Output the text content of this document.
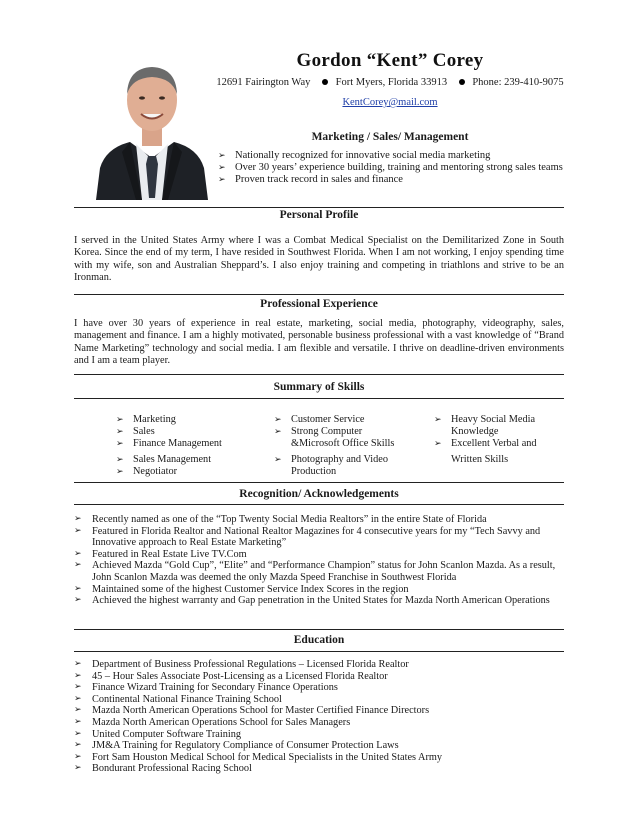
Gordon “Kent” Corey
12691 Fairington Way Fort Myers, Florida 33913 Phone: 239-410-9075
KentCorey@mail.com
Marketing / Sales/ Management
➢ Nationally recognized for innovative social media marketing
➢ Over 30 years’ experience building, training and mentoring strong sales teams
➢ Proven track record in sales and finance
Personal Profile

I served in the United States Army where I was a Combat Medical Specialist on the Demilitarized Zone in South Korea. Since the end of my term, I have resided in Southwest Florida. When I am not working, I enjoy spending time with my wife, son and Australian Sheppard’s. I also enjoy training and competing in triathlons and strive to be an Ironman.

Professional Experience

I have over 30 years of experience in real estate, marketing, social media, photography, videography, sales, management and finance. I am a highly motivated, personable business professional with a vast knowledge of “Brand Name Marketing” technology and social media. I am flexible and versatile. I thrive on deadline-driven environments and I am a team player.

Summary of Skills
➢ Marketing
➢ Sales
➢ Finance Management
➢ Sales Management
➢ Negotiator
➢ Customer Service
➢ Strong Computer
&Microsoft Office Skills
➢ Photography and Video
Production
➢ Heavy Social Media
Knowledge
➢ Excellent Verbal and
Written Skills
Recognition/ Acknowledgements
➢	Recently named as one of the “Top Twenty Social Media Realtors” in the entire State of Florida
➢	Featured in Florida Realtor and National Realtor Magazines for 4 consecutive years for my “Tech Savvy and Innovative approach to Real Estate Marketing”
➢	Featured in Real Estate Live TV.Com
➢	Achieved Mazda “Gold Cup”, “Elite” and “Performance Champion” status for John Scanlon Mazda. As a result, John Scanlon Mazda was deemed the only Mazda Speed Franchise in Southwest Florida
➢	Maintained some of the highest Customer Service Index Scores in the region
➢	Achieved the highest warranty and Gap penetration in the United States for Mazda North American Operations
Education
➢	Department of Business Professional Regulations – Licensed Florida Realtor
➢	45 – Hour Sales Associate Post-Licensing as a Licensed Florida Realtor
➢	Finance Wizard Training for Secondary Finance Operations
➢	Continental National Finance Training School
➢	Mazda North American Operations School for Master Certified Finance Directors
➢	Mazda North American Operations School for Sales Managers
➢	United Computer Software Training
➢	JM&A Training for Regulatory Compliance of Consumer Protection Laws
➢	Fort Sam Houston Medical School for Medical Specialists in the United States Army
➢	Bondurant Professional Racing School
